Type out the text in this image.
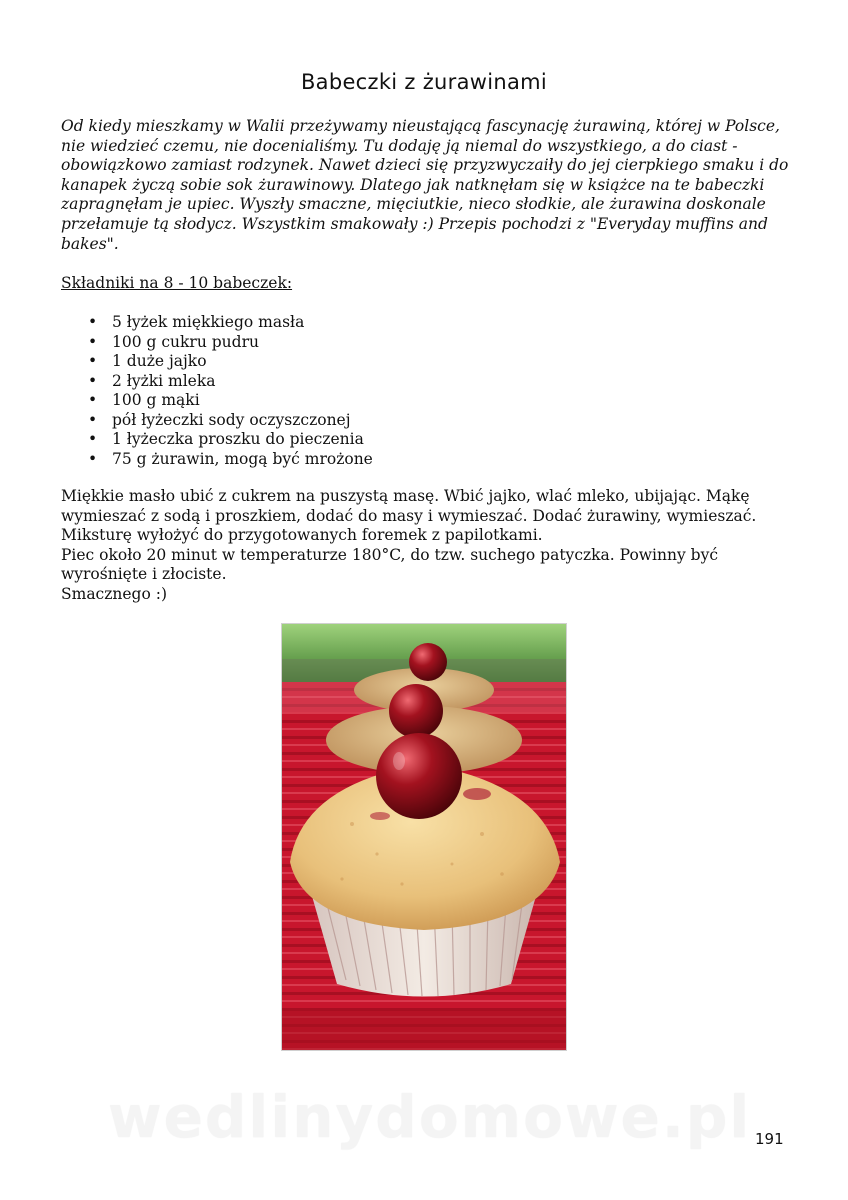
Babeczki z żurawinami

Od kiedy mieszkamy w Walii przeżywamy nieustającą fascynację żurawiną, której w Polsce, nie wiedzieć czemu, nie docenialiśmy. Tu dodaję ją niemal do wszystkiego, a do ciast - obowiązkowo zamiast rodzynek. Nawet dzieci się przyzwyczaiły do jej cierpkiego smaku i do kanapek życzą sobie sok żurawinowy. Dlatego jak natknęłam się w książce na te babeczki zapragnęłam je upiec. Wyszły smaczne, mięciutkie, nieco słodkie, ale żurawina doskonale przełamuje tą słodycz. Wszystkim smakowały :) Przepis pochodzi z "Everyday muffins and bakes".

Składniki na 8 - 10 babeczek:

• 5 łyżek miękkiego masła
• 100 g cukru pudru
• 1 duże jajko
• 2 łyżki mleka
• 100 g mąki
• pół łyżeczki sody oczyszczonej
• 1 łyżeczka proszku do pieczenia
• 75 g żurawin, mogą być mrożone
Miękkie masło ubić z cukrem na puszystą masę. Wbić jajko, wlać mleko, ubijając. Mąkę wymieszać z sodą i proszkiem, dodać do masy i wymieszać. Dodać żurawiny, wymieszać. Miksturę wyłożyć do przygotowanych foremek z papilotkami.
Piec około 20 minut w temperaturze 180°C, do tzw. suchego patyczka. Powinny być wyrośnięte i złociste.
Smacznego :)
wedlinydomowe.pl 191
